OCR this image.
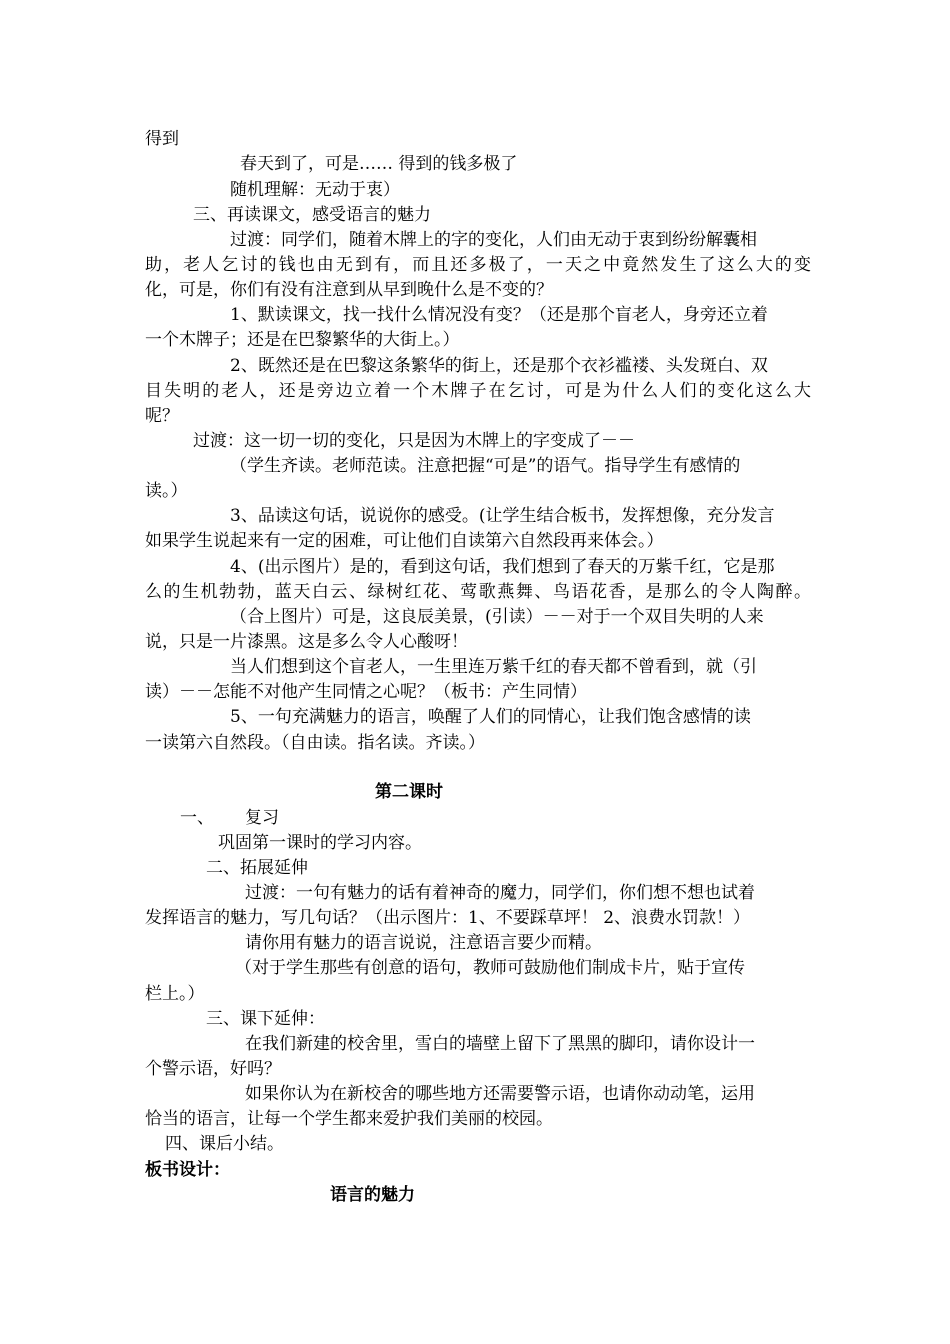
得到
春天到了，可是…… 得到的钱多极了
随机理解：无动于衷）
三、再读课文，感受语言的魅力
过渡：同学们，随着木牌上的字的变化，人们由无动于衷到纷纷解囊相
助，老人乞讨的钱也由无到有，而且还多极了，一天之中竟然发生了这么大的变
化，可是，你们有没有注意到从早到晚什么是不变的？
1、默读课文，找一找什么情况没有变？（还是那个盲老人，身旁还立着
一个木牌子；还是在巴黎繁华的大街上。）
2、既然还是在巴黎这条繁华的街上，还是那个衣衫褴褛、头发斑白、双
目失明的老人，还是旁边立着一个木牌子在乞讨，可是为什么人们的变化这么大
呢？
过渡：这一切一切的变化，只是因为木牌上的字变成了－－
（学生齐读。老师范读。注意把握“可是”的语气。指导学生有感情的
读。）
3、品读这句话，说说你的感受。(让学生结合板书，发挥想像，充分发言
如果学生说起来有一定的困难，可让他们自读第六自然段再来体会。）
4、(出示图片）是的，看到这句话，我们想到了春天的万紫千红，它是那
么的生机勃勃，蓝天白云、绿树红花、莺歌燕舞、鸟语花香，是那么的令人陶醉。
（合上图片）可是，这良辰美景，(引读）－－对于一个双目失明的人来
说，只是一片漆黑。这是多么令人心酸呀！
当人们想到这个盲老人，一生里连万紫千红的春天都不曾看到，就（引
读）－－怎能不对他产生同情之心呢？（板书：产生同情）
5、一句充满魅力的语言，唤醒了人们的同情心，让我们饱含感情的读
一读第六自然段。（自由读。指名读。齐读。）
第二课时
一、 复习
巩固第一课时的学习内容。
二、拓展延伸
过渡：一句有魅力的话有着神奇的魔力，同学们，你们想不想也试着
发挥语言的魅力，写几句话？（出示图片：1、不要踩草坪！ 2、浪费水罚款！）
请你用有魅力的语言说说，注意语言要少而精。
（对于学生那些有创意的语句，教师可鼓励他们制成卡片，贴于宣传
栏上。）
三、课下延伸：
在我们新建的校舍里，雪白的墙壁上留下了黑黑的脚印，请你设计一
个警示语，好吗？
如果你认为在新校舍的哪些地方还需要警示语，也请你动动笔，运用
恰当的语言，让每一个学生都来爱护我们美丽的校园。
四、课后小结。
板书设计：
语言的魅力
